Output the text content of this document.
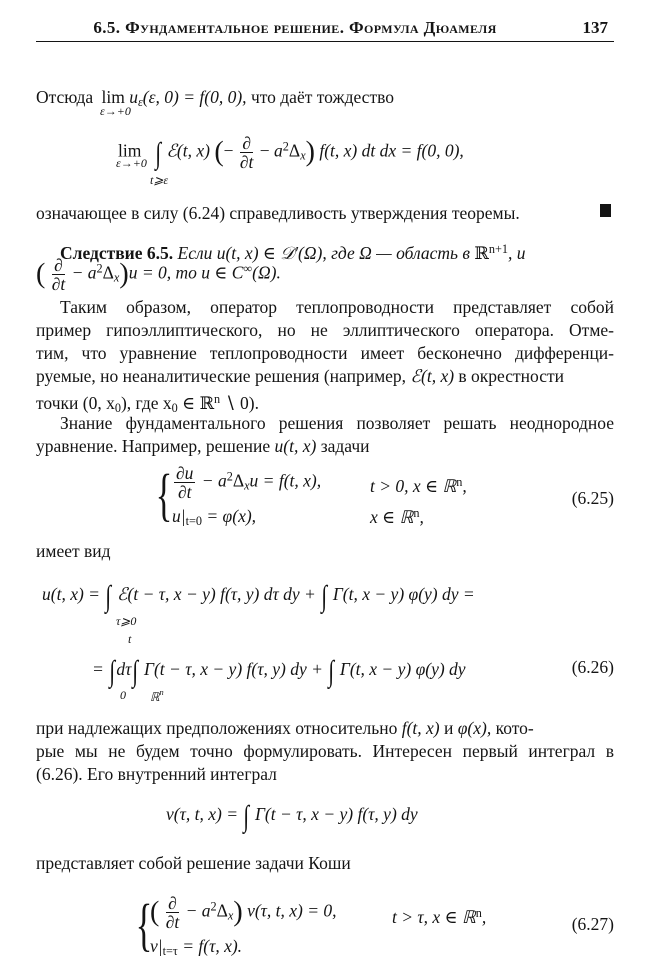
6.5. Фундаментальное решение. Формула Дюамеля	137
Отсюда $\lim u_\varepsilon(\varepsilon$, 0) = f(0, 0), что даёт тождество
ε→+0
lim ∫ ℰ(t, x) (− $\frac{\partial}{\partial t} - a^2\Delta_x$) f(t, x) dt dx = f(0, 0),
ε→+0
t⩾ε
означающее в силу (6.24) справедливость утверждения теоремы.
Следствие 6.5. Если u(t, x) ∈ 𝒟′(Ω), где Ω — область в ℝ$^{n+1}$, и
( $\frac{\partial}{\partial t} - a^2\Delta_x)u = 0$, то u ∈ C∞(Ω).
Таким образом, оператор теплопроводности представляет собой
пример гипоэллиптического, но не эллиптического оператора. Отме-
тим, что уравнение теплопроводности имеет бесконечно дифференци-
руемые, но неаналитические решения (например, ℰ(t, x) в окрестности
точки (0, $x_0$), где $x_0$ ∈ ℝ$^n$ ∖ 0).
Знание фундаментального решения позволяет решать неоднородное
уравнение. Например, решение u(t, x) задачи
{ $\frac{\partial u}{\partial t} - a^2\Delta_xu = f(t$, x),	t > 0, x ∈ ℝ$^n$,
$u|_{t=0} = \varphi(x)$,	x ∈ ℝ$^n$,
(6.25)
имеет вид
u(t, x) = ∫ ℰ(t − τ, x − y) f(τ, y) dτ dy + ∫ Γ(t, x − y) φ(y) dy =
τ⩾0
t
= ∫dτ∫ Γ(t − τ, x − y) f(τ, y) dy + ∫ Γ(t, x − y) φ(y) dy
0 ℝ$^n$
(6.26)
при надлежащих предположениях относительно f(t, x) и φ(x), кото-
рые мы не будем точно формулировать. Интересен первый интеграл в
(6.26). Его внутренний интеграл
v(τ, t, x) = ∫ Γ(t − τ, x − y) f(τ, y) dy
представляет собой решение задачи Коши
{
( $\frac{\partial}{\partial t} - a^2\Delta_x$) v(τ, t, x) = 0,	t > τ, x ∈ ℝ$^n$,
$v|_{t=\tau} = f(\tau$, x).
(6.27)
